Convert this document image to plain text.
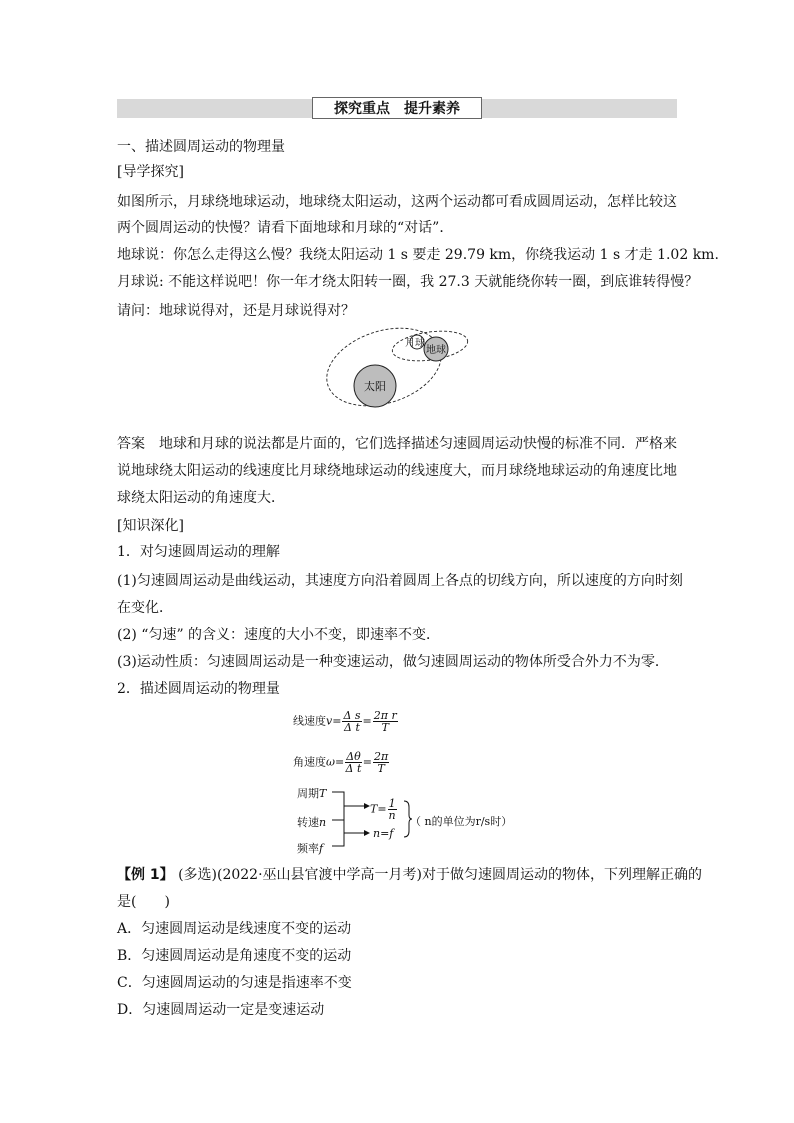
探究重点 提升素养
一、描述圆周运动的物理量
[导学探究]
如图所示，月球绕地球运动，地球绕太阳运动，这两个运动都可看成圆周运动，怎样比较这
两个圆周运动的快慢？请看下面地球和月球的“对话”．
地球说：你怎么走得这么慢？我绕太阳运动 1 s 要走 29.79 km，你绕我运动 1 s 才走 1.02 km.
月球说: 不能这样说吧！你一年才绕太阳转一圈，我 27.3 天就能绕你转一圈，到底谁转得慢？
请问：地球说得对，还是月球说得对？
太阳
地球
月球
答案 地球和月球的说法都是片面的，它们选择描述匀速圆周运动快慢的标准不同．严格来
说地球绕太阳运动的线速度比月球绕地球运动的线速度大，而月球绕地球运动的角速度比地
球绕太阳运动的角速度大．
[知识深化]
1．对匀速圆周运动的理解
(1)匀速圆周运动是曲线运动，其速度方向沿着圆周上各点的切线方向，所以速度的方向时刻
在变化．
(2) “匀速” 的含义：速度的大小不变，即速率不变．
(3)运动性质：匀速圆周运动是一种变速运动，做匀速圆周运动的物体所受合外力不为零．
2．描述圆周运动的物理量
线速度$v= \frac{\text{Δ s}}{\text{Δ t}} = \frac{\text{2π r}}{T}$
角速度$\omega= \frac{\Delta\theta}{\text{Δ t}} = \frac{2\pi}{T}$
周期T
转速n
频率f
$T= \frac{1}{n}$
n=f
（ n的单位为r/s时）
【例 1】 (多选)(2022·巫山县官渡中学高一月考)对于做匀速圆周运动的物体，下列理解正确的
是(　　)
A．匀速圆周运动是线速度不变的运动
B．匀速圆周运动是角速度不变的运动
C．匀速圆周运动的匀速是指速率不变
D．匀速圆周运动一定是变速运动
